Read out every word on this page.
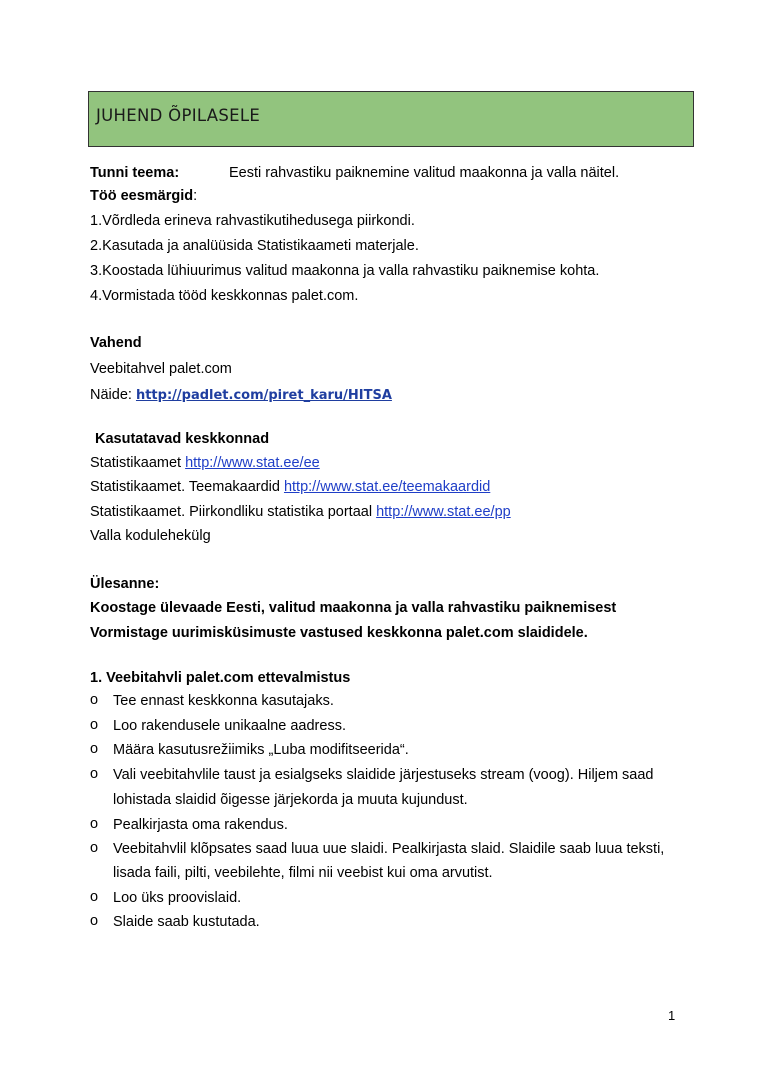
JUHEND ÕPILASELE
Tunni teema:	Eesti rahvastiku paiknemine valitud maakonna ja valla näitel.
Töö eesmärgid:
1.Võrdleda erineva rahvastikutihedusega piirkondi.
2.Kasutada ja analüüsida Statistikaameti materjale.
3.Koostada lühiuurimus valitud maakonna ja valla rahvastiku paiknemise kohta.
4.Vormistada tööd keskkonnas palet.com.
Vahend
Veebitahvel palet.com
Näide: http://padlet.com/piret_karu/HITSA
Kasutatavad keskkonnad
Statistikaamet http://www.stat.ee/ee
Statistikaamet. Teemakaardid http://www.stat.ee/teemakaardid
Statistikaamet. Piirkondliku statistika portaal http://www.stat.ee/pp
Valla kodulehekülg
Ülesanne:
Koostage ülevaade Eesti, valitud maakonna ja valla rahvastiku paiknemisest
Vormistage uurimisküsimuste vastused keskkonna palet.com slaididele.
1. Veebitahvli palet.com ettevalmistus
o	Tee ennast keskkonna kasutajaks.
o	Loo rakendusele unikaalne aadress.
o	Määra kasutusrežiimiks „Luba modifitseerida“.
o	Vali veebitahvlile taust ja esialgseks slaidide järjestuseks stream (voog). Hiljem saad
lohistada slaidid õigesse järjekorda ja muuta kujundust.
o	Pealkirjasta oma rakendus.
o	Veebitahvlil klõpsates saad luua uue slaidi. Pealkirjasta slaid. Slaidile saab luua teksti,
lisada faili, pilti, veebilehte, filmi nii veebist kui oma arvutist.
o	Loo üks proovislaid.
o	Slaide saab kustutada.
1
